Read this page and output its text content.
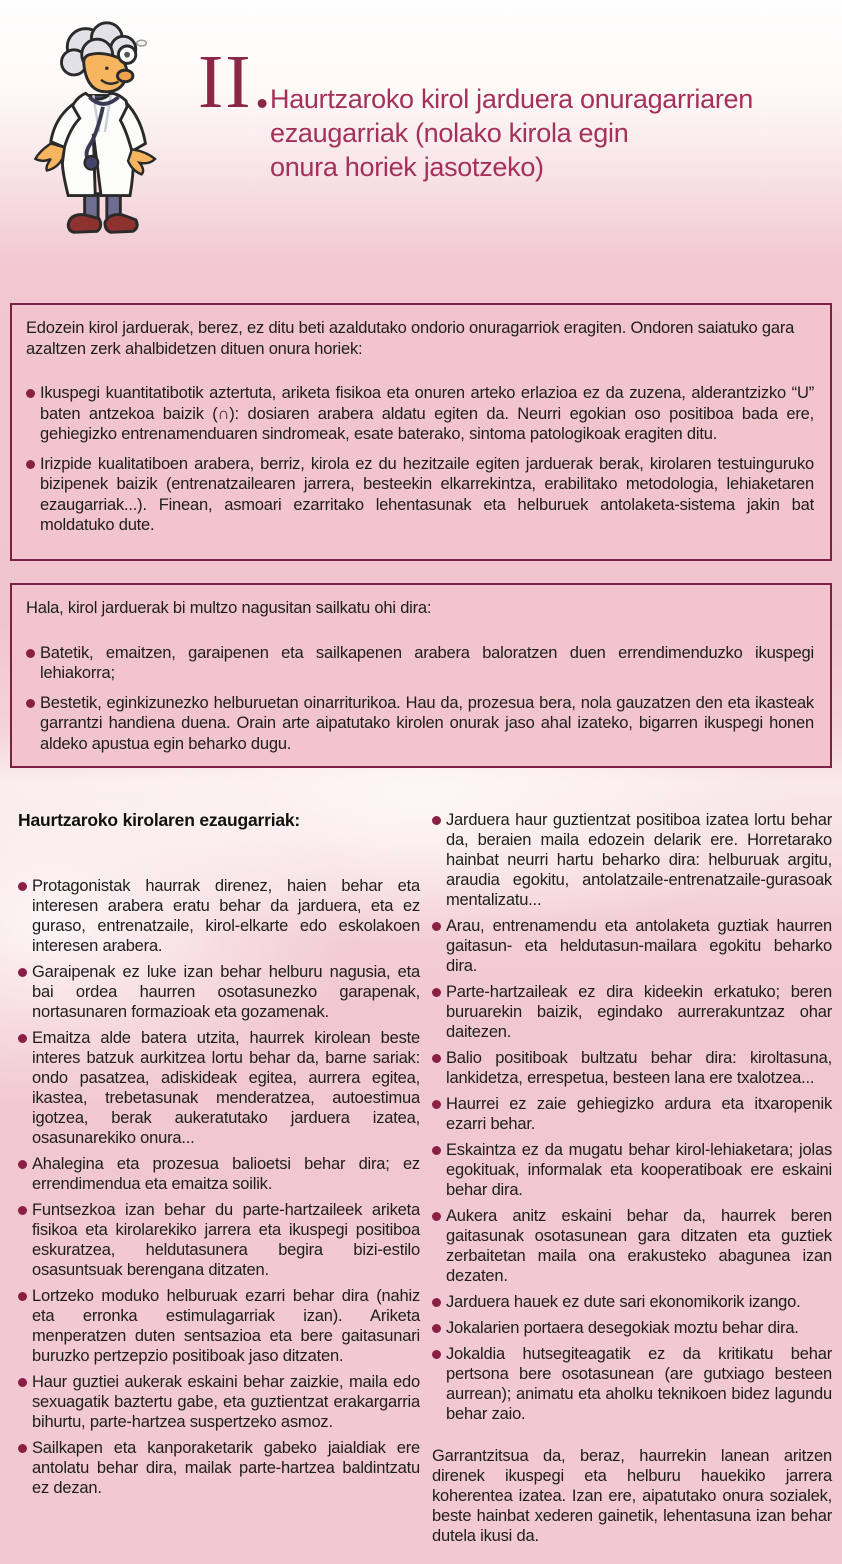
II.
Haurtzaroko kirol jarduera onuragarriaren
ezaugarriak (nolako kirola egin
onura horiek jasotzeko)

Edozein kirol jarduerak, berez, ez ditu beti azaldutako ondorio onuragarriok eragiten. Ondoren saiatuko gara azaltzen zerk ahalbidetzen dituen onura horiek:

Ikuspegi kuantitatibotik aztertuta, ariketa fisikoa eta onuren arteko erlazioa ez da zuzena, alderantzizko “U” baten antzekoa baizik (∩): dosiaren arabera aldatu egiten da. Neurri egokian oso positiboa bada ere, gehiegizko entrenamenduaren sindromeak, esate baterako, sintoma patologikoak eragiten ditu.
Irizpide kualitatiboen arabera, berriz, kirola ez du hezitzaile egiten jarduerak berak, kirolaren testuinguruko bizipenek baizik (entrenatzailearen jarrera, besteekin elkarrekintza, erabilitako metodologia, lehiaketaren ezaugarriak...). Finean, asmoari ezarritako lehentasunak eta helburuek antolaketa-sistema jakin bat moldatuko dute.

Hala, kirol jarduerak bi multzo nagusitan sailkatu ohi dira:

Batetik, emaitzen, garaipenen eta sailkapenen arabera baloratzen duen errendimenduzko ikuspegi lehiakorra;
Bestetik, eginkizunezko helburuetan oinarriturikoa. Hau da, prozesua bera, nola gauzatzen den eta ikasteak garrantzi handiena duena. Orain arte aipatutako kirolen onurak jaso ahal izateko, bigarren ikuspegi honen aldeko apustua egin beharko dugu.
Haurtzaroko kirolaren ezaugarriak:
Protagonistak haurrak direnez, haien behar eta interesen arabera eratu behar da jarduera, eta ez guraso, entrenatzaile, kirol-elkarte edo eskolakoen interesen arabera.
Garaipenak ez luke izan behar helburu nagusia, eta bai ordea haurren osotasunezko garapenak, nortasunaren formazioak eta gozamenak.
Emaitza alde batera utzita, haurrek kirolean beste interes batzuk aurkitzea lortu behar da, barne sariak: ondo pasatzea, adiskideak egitea, aurrera egitea, ikastea, trebetasunak menderatzea, autoestimua igotzea, berak aukeratutako jarduera izatea, osasunarekiko onura...
Ahalegina eta prozesua balioetsi behar dira; ez errendimendua eta emaitza soilik.
Funtsezkoa izan behar du parte-hartzaileek ariketa fisikoa eta kirolarekiko jarrera eta ikuspegi positiboa eskuratzea, heldutasunera begira bizi-estilo osasuntsuak berengana ditzaten.
Lortzeko moduko helburuak ezarri behar dira (nahiz eta erronka estimulagarriak izan). Ariketa menperatzen duten sentsazioa eta bere gaitasunari buruzko pertzepzio positiboak jaso ditzaten.
Haur guztiei aukerak eskaini behar zaizkie, maila edo sexuagatik baztertu gabe, eta guztientzat erakargarria bihurtu, parte-hartzea suspertzeko asmoz.
Sailkapen eta kanporaketarik gabeko jaialdiak ere antolatu behar dira, mailak parte-hartzea baldintzatu ez dezan.
Jarduera haur guztientzat positiboa izatea lortu behar da, beraien maila edozein delarik ere. Horretarako hainbat neurri hartu beharko dira: helburuak argitu, araudia egokitu, antolatzaile-entrenatzaile-gurasoak mentalizatu...
Arau, entrenamendu eta antolaketa guztiak haurren gaitasun- eta heldutasun-mailara egokitu beharko dira.
Parte-hartzaileak ez dira kideekin erkatuko; beren buruarekin baizik, egindako aurrerakuntzaz ohar daitezen.
Balio positiboak bultzatu behar dira: kiroltasuna, lankidetza, errespetua, besteen lana ere txalotzea...
Haurrei ez zaie gehiegizko ardura eta itxaropenik ezarri behar.
Eskaintza ez da mugatu behar kirol-lehiaketara; jolas egokituak, informalak eta kooperatiboak ere eskaini behar dira.
Aukera anitz eskaini behar da, haurrek beren gaitasunak osotasunean gara ditzaten eta guztiek zerbaitetan maila ona erakusteko abagunea izan dezaten.
Jarduera hauek ez dute sari ekonomikorik izango.
Jokalarien portaera desegokiak moztu behar dira.
Jokaldia hutsegiteagatik ez da kritikatu behar pertsona bere osotasunean (are gutxiago besteen aurrean); animatu eta aholku teknikoen bidez lagundu behar zaio.

Garrantzitsua da, beraz, haurrekin lanean aritzen direnek ikuspegi eta helburu hauekiko jarrera koherentea izatea. Izan ere, aipatutako onura sozialek, beste hainbat xederen gainetik, lehentasuna izan behar dutela ikusi da.
